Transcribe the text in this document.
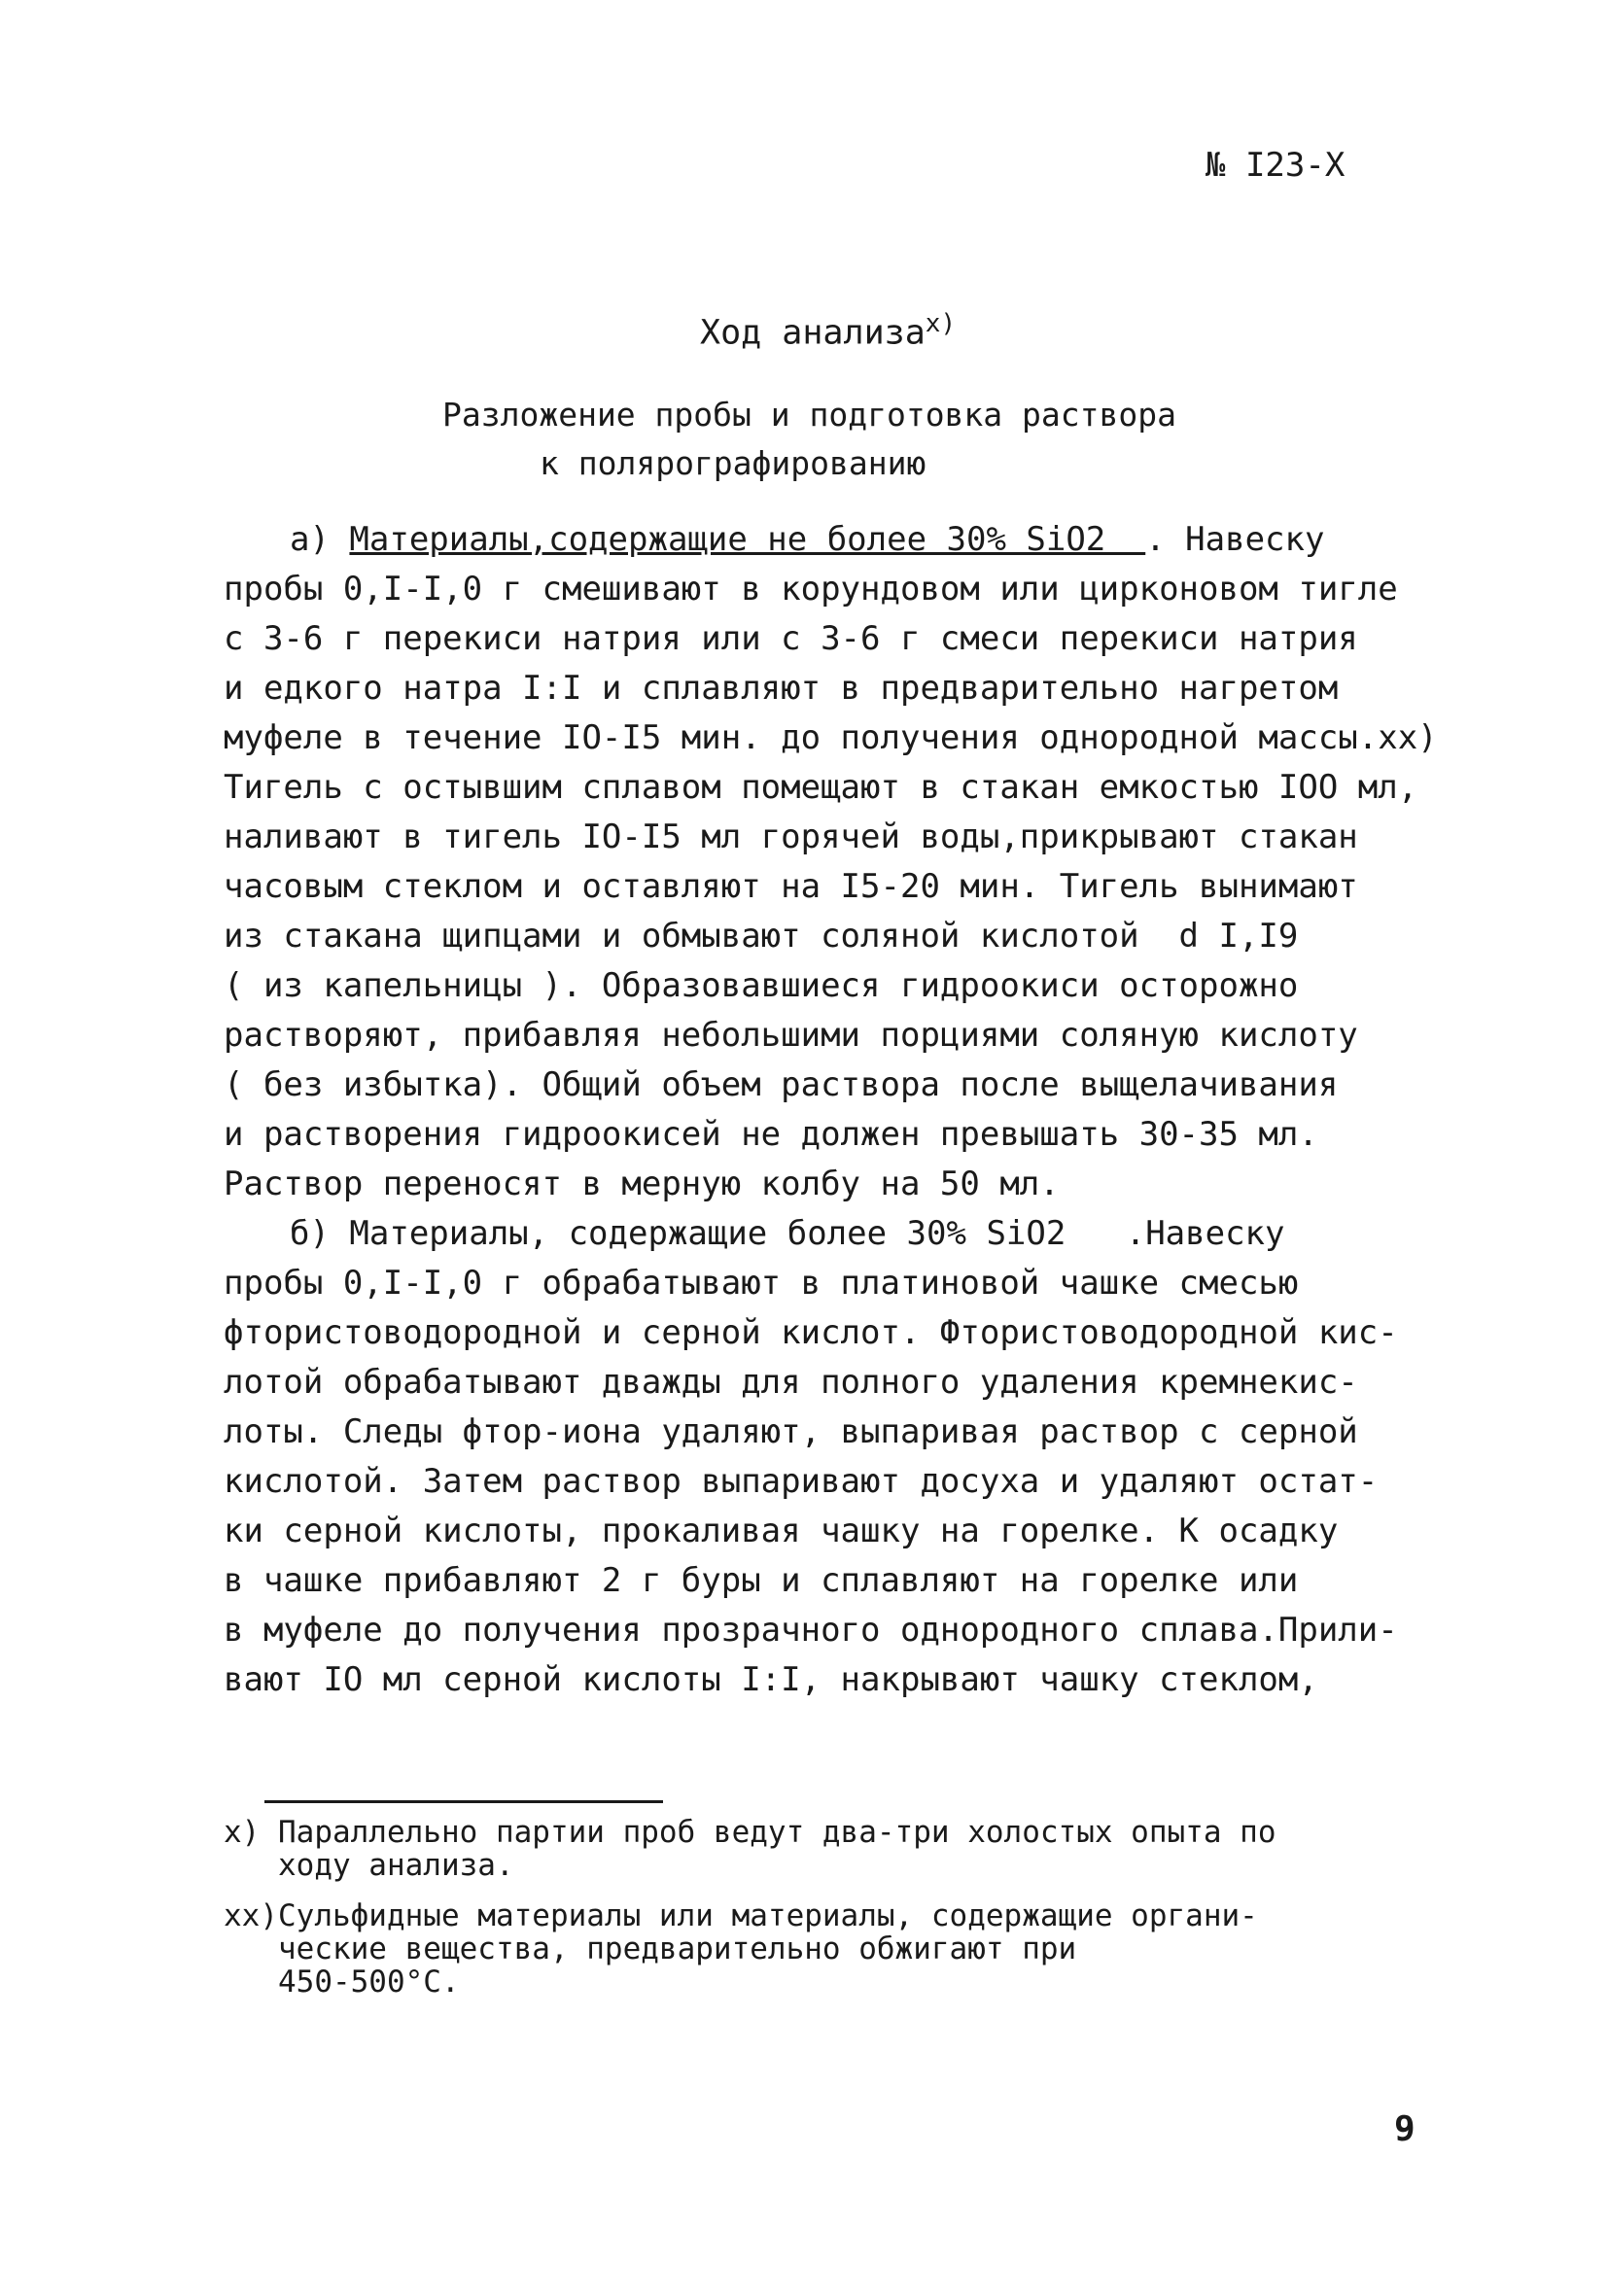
№ I23-X
Ход анализа$^{x)}$
Разложение пробы и подготовка раствора
к полярографированию
а) Материалы,содержащие не более 30% SiO2  . Навеску
пробы 0,I-I,0 г смешивают в корундовом или цирконовом тигле
с 3-6 г перекиси натрия или с 3-6 г смеси перекиси натрия
и едкого натра I:I и сплавляют в предварительно нагретом
муфеле в течение IO-I5 мин. до получения однородной массы.xx)
Тигель с остывшим сплавом помещают в стакан емкостью IOO мл,
наливают в тигель IO-I5 мл горячей воды,прикрывают стакан
часовым стеклом и оставляют на I5-20 мин. Тигель вынимают
из стакана щипцами и обмывают соляной кислотой  d I,I9
( из капельницы ). Образовавшиеся гидроокиси осторожно
растворяют, прибавляя небольшими порциями соляную кислоту
( без избытка). Общий объем раствора после выщелачивания
и растворения гидроокисей не должен превышать 30-35 мл.
Раствор переносят в мерную колбу на 50 мл.
б) Материалы, содержащие более 30% SiO2   .Навеску
пробы 0,I-I,0 г обрабатывают в платиновой чашке смесью
фтористоводородной и серной кислот. Фтористоводородной кис-
лотой обрабатывают дважды для полного удаления кремнекис-
лоты. Следы фтор-иона удаляют, выпаривая раствор с серной
кислотой. Затем раствор выпаривают досуха и удаляют остат-
ки серной кислоты, прокаливая чашку на горелке. К осадку
в чашке прибавляют 2 г буры и сплавляют на горелке или
в муфеле до получения прозрачного однородного сплава.Прили-
вают IO мл серной кислоты I:I, накрывают чашку стеклом,
x) Параллельно партии проб ведут два-три холостых опыта по
ходу анализа.
xx)Сульфидные материалы или материалы, содержащие органи-
ческие вещества, предварительно обжигают при
450-500°С.
9
